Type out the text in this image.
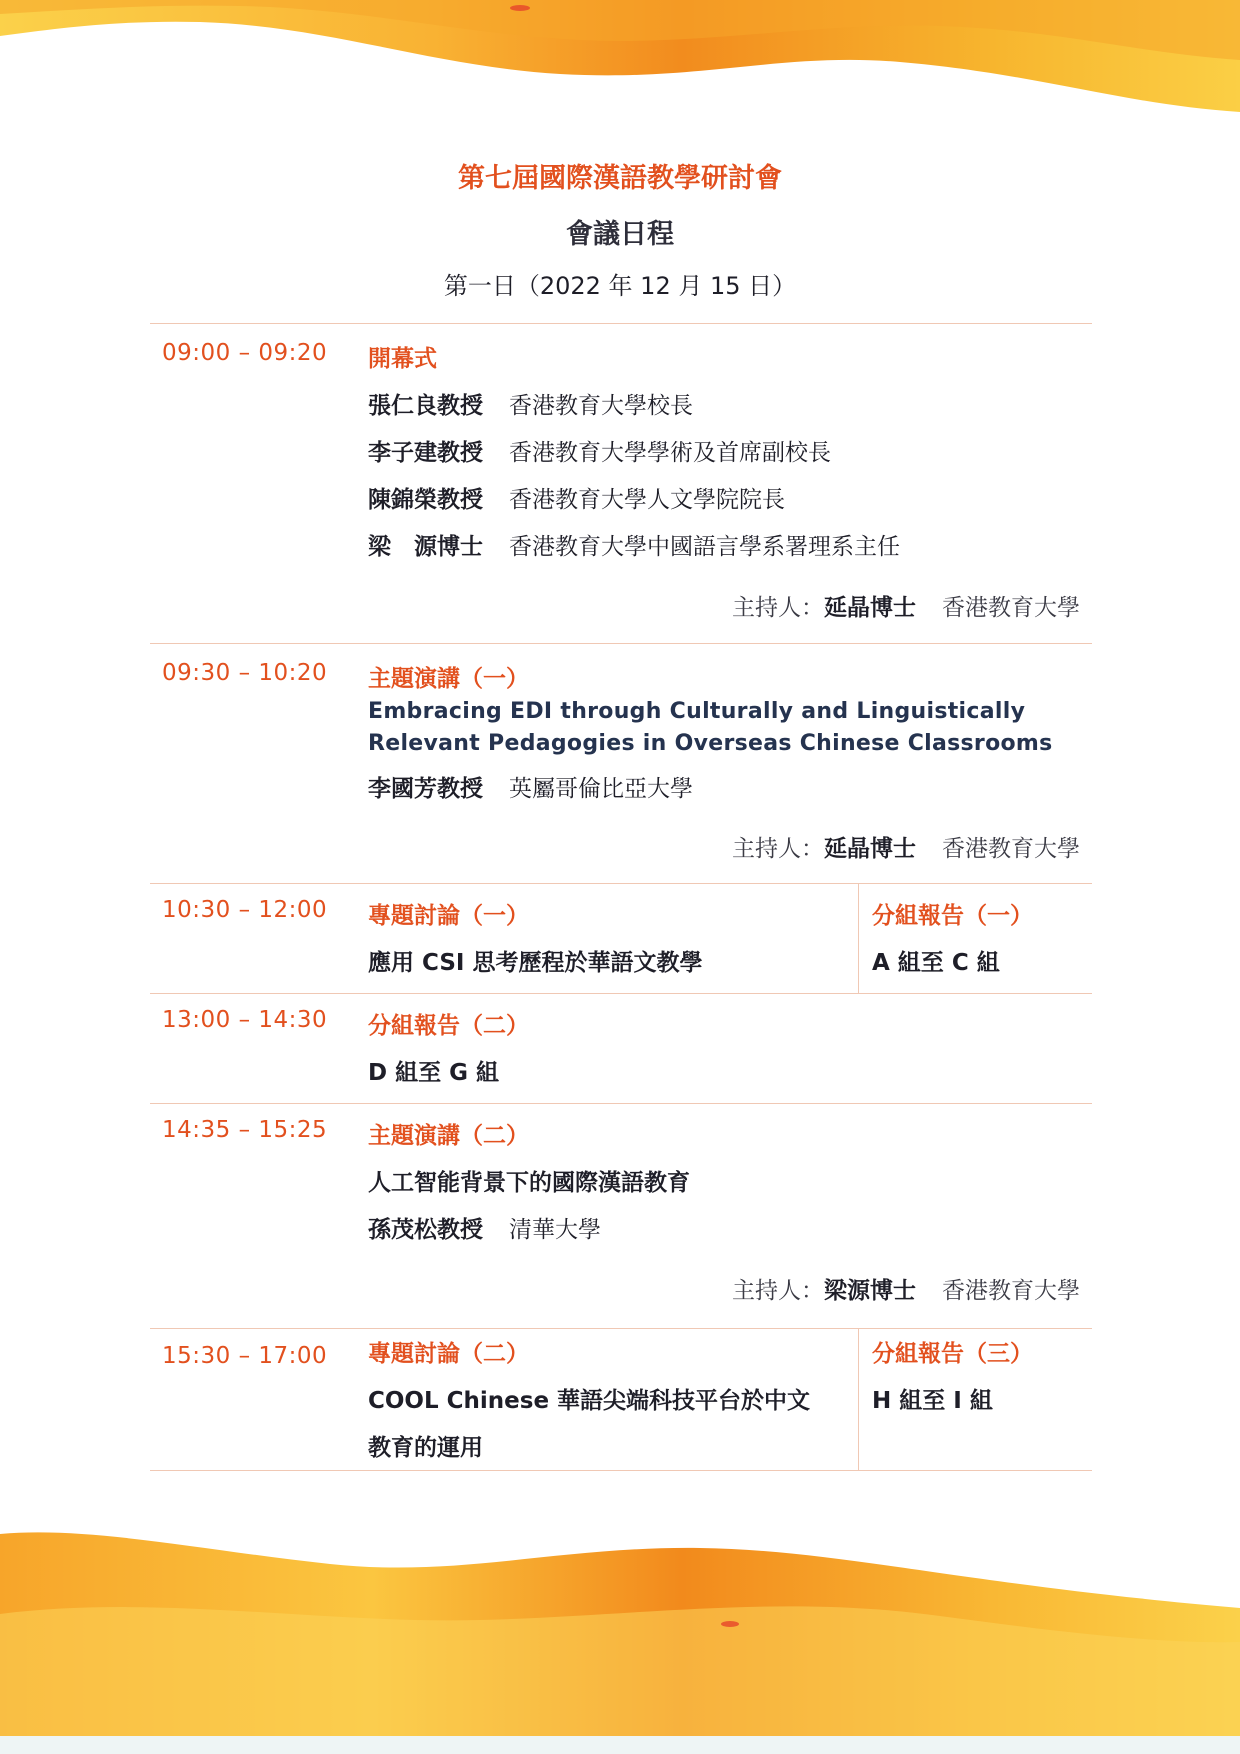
第七屆國際漢語教學研討會
會議日程
第一日（2022 年 12 月 15 日）
09:00 – 09:20 開幕式
張仁良教授 香港教育大學校長
李子建教授 香港教育大學學術及首席副校長
陳錦榮教授 香港教育大學人文學院院長
梁　源博士 香港教育大學中國語言學系署理系主任
主持人：延晶博士 香港教育大學
09:30 – 10:20 主題演講（一）
Embracing EDI through Culturally and Linguistically
Relevant Pedagogies in Overseas Chinese Classrooms
李國芳教授 英屬哥倫比亞大學
主持人：延晶博士 香港教育大學
10:30 – 12:00 專題討論（一）
應用 CSI 思考歷程於華語文教學
分組報告（一）
A 組至 C 組
13:00 – 14:30 分組報告（二）
D 組至 G 組
14:35 – 15:25 主題演講（二）
人工智能背景下的國際漢語教育
孫茂松教授 清華大學
主持人：梁源博士 香港教育大學
15:30 – 17:00 專題討論（二）
COOL Chinese 華語尖端科技平台於中文
教育的運用
分組報告（三）
H 組至 I 組
